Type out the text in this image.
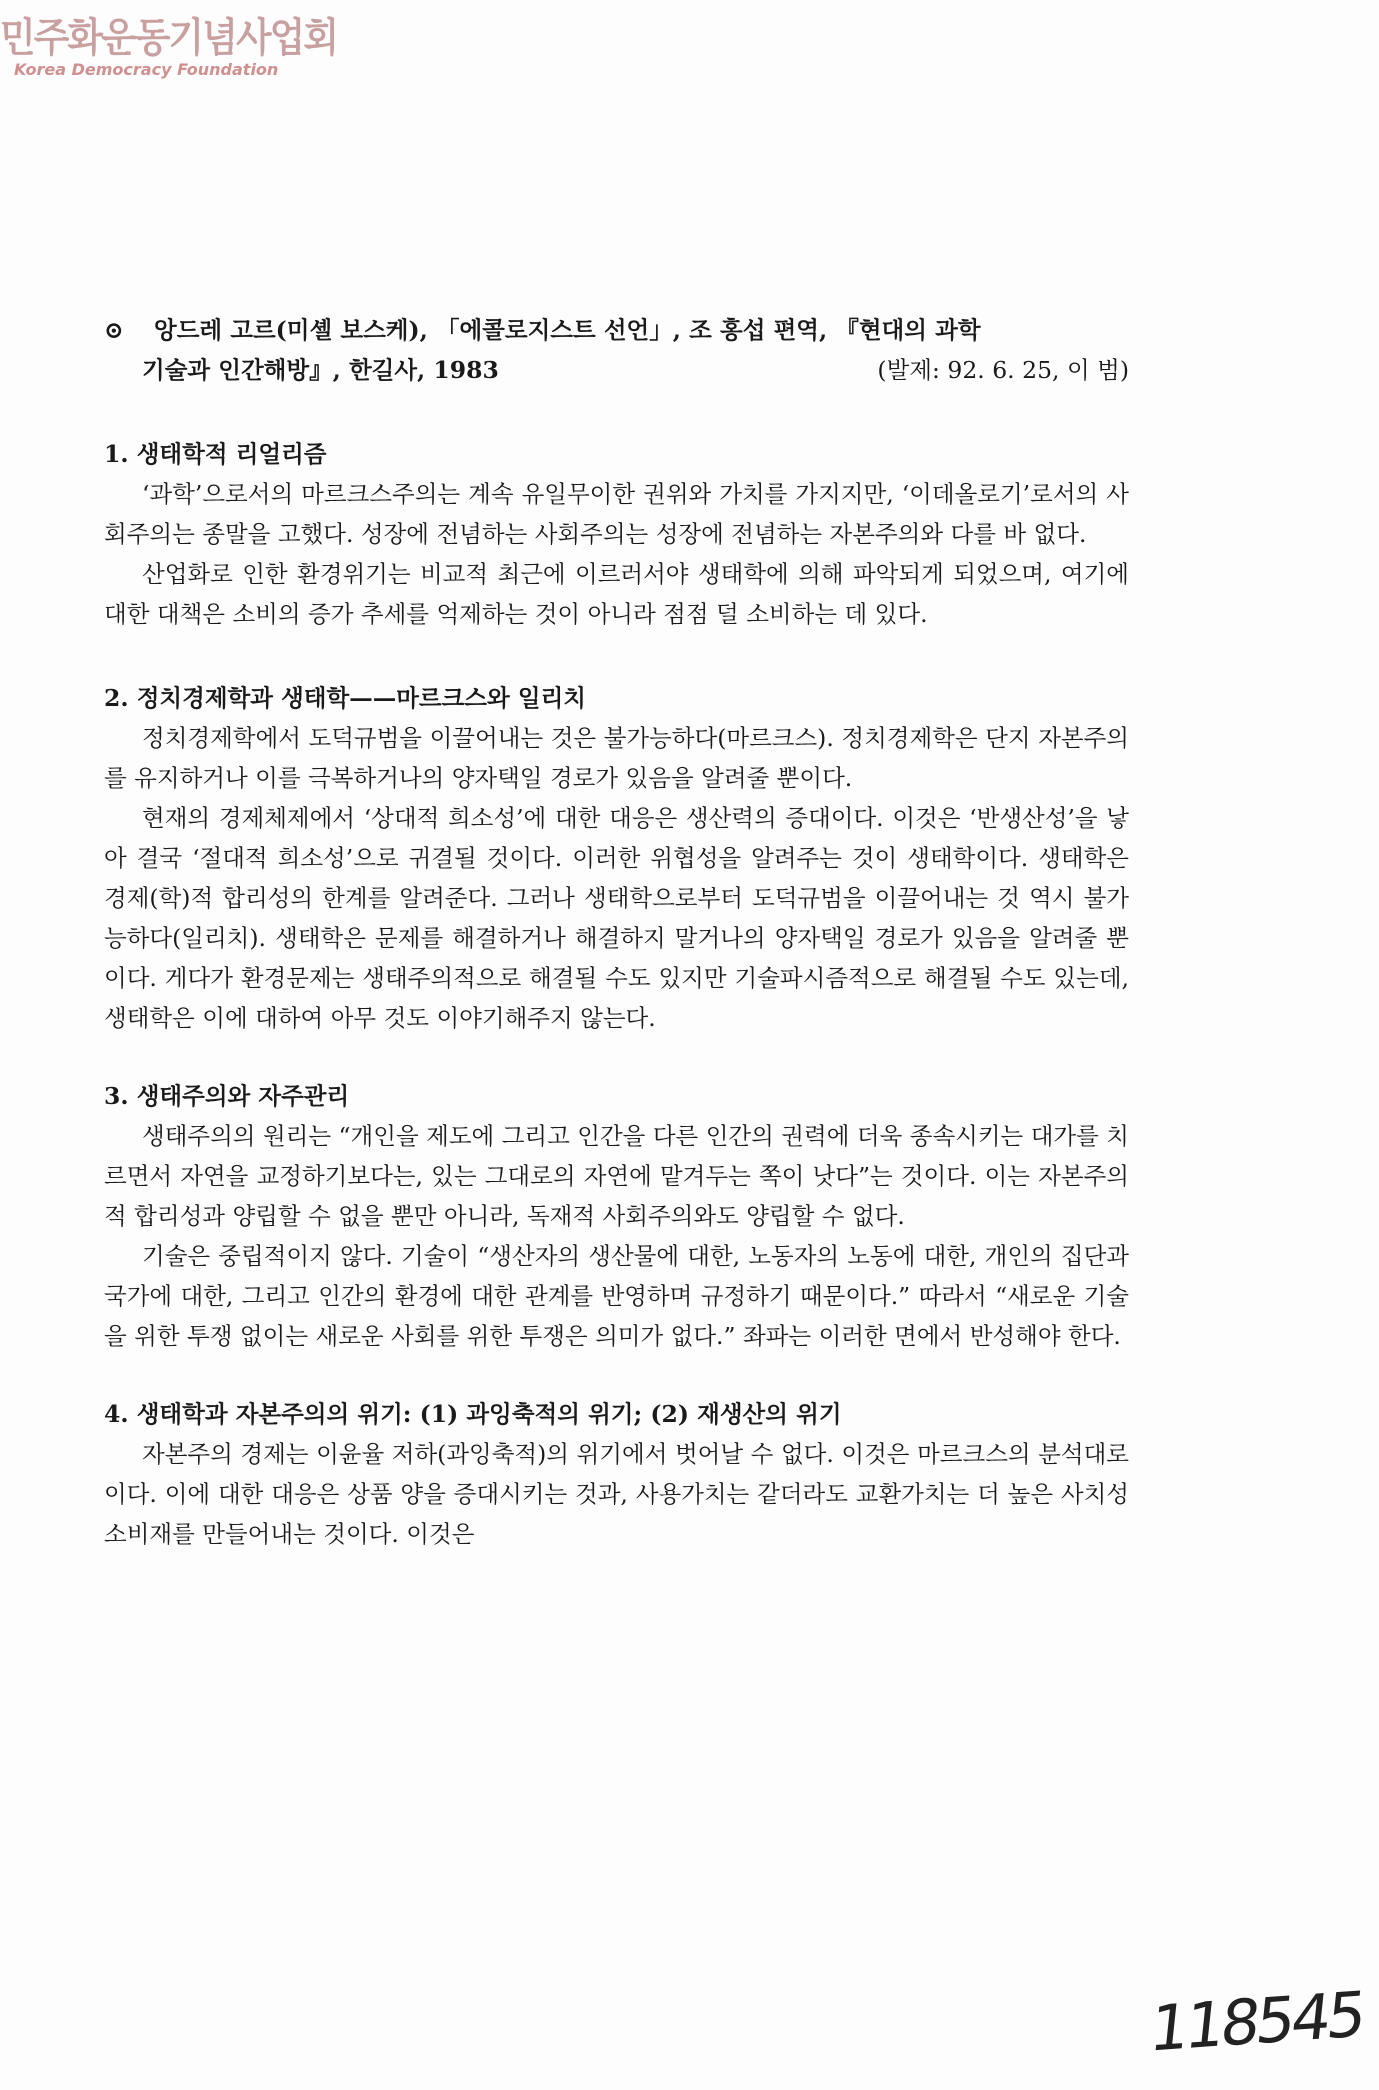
민주화운동기념사업회
Korea Democracy Foundation
⊙	앙드레 고르(미셸 보스케), 「에콜로지스트 선언」, 조 홍섭 편역, 『현대의 과학
기술과 인간해방』, 한길사, 1983	(발제: 92. 6. 25, 이 범)
1. 생태학적 리얼리즘

‘과학’으로서의 마르크스주의는 계속 유일무이한 권위와 가치를 가지지만, ‘이데올로기’로서의 사회주의는 종말을 고했다. 성장에 전념하는 사회주의는 성장에 전념하는 자본주의와 다를 바 없다.

산업화로 인한 환경위기는 비교적 최근에 이르러서야 생태학에 의해 파악되게 되었으며, 여기에 대한 대책은 소비의 증가 추세를 억제하는 것이 아니라 점점 덜 소비하는 데 있다.

2. 정치경제학과 생태학——마르크스와 일리치

정치경제학에서 도덕규범을 이끌어내는 것은 불가능하다(마르크스). 정치경제학은 단지 자본주의를 유지하거나 이를 극복하거나의 양자택일 경로가 있음을 알려줄 뿐이다.

현재의 경제체제에서 ‘상대적 희소성’에 대한 대응은 생산력의 증대이다. 이것은 ‘반생산성’을 낳아 결국 ‘절대적 희소성’으로 귀결될 것이다. 이러한 위협성을 알려주는 것이 생태학이다. 생태학은 경제(학)적 합리성의 한계를 알려준다. 그러나 생태학으로부터 도덕규범을 이끌어내는 것 역시 불가능하다(일리치). 생태학은 문제를 해결하거나 해결하지 말거나의 양자택일 경로가 있음을 알려줄 뿐이다. 게다가 환경문제는 생태주의적으로 해결될 수도 있지만 기술파시즘적으로 해결될 수도 있는데, 생태학은 이에 대하여 아무 것도 이야기해주지 않는다.

3. 생태주의와 자주관리

생태주의의 원리는 “개인을 제도에 그리고 인간을 다른 인간의 권력에 더욱 종속시키는 대가를 치르면서 자연을 교정하기보다는, 있는 그대로의 자연에 맡겨두는 쪽이 낫다”는 것이다. 이는 자본주의적 합리성과 양립할 수 없을 뿐만 아니라, 독재적 사회주의와도 양립할 수 없다.

기술은 중립적이지 않다. 기술이 “생산자의 생산물에 대한, 노동자의 노동에 대한, 개인의 집단과 국가에 대한, 그리고 인간의 환경에 대한 관계를 반영하며 규정하기 때문이다.” 따라서 “새로운 기술을 위한 투쟁 없이는 새로운 사회를 위한 투쟁은 의미가 없다.” 좌파는 이러한 면에서 반성해야 한다.

4. 생태학과 자본주의의 위기: (1) 과잉축적의 위기; (2) 재생산의 위기

자본주의 경제는 이윤율 저하(과잉축적)의 위기에서 벗어날 수 없다. 이것은 마르크스의 분석대로이다. 이에 대한 대응은 상품 양을 증대시키는 것과, 사용가치는 같더라도 교환가치는 더 높은 사치성 소비재를 만들어내는 것이다. 이것은

118545
